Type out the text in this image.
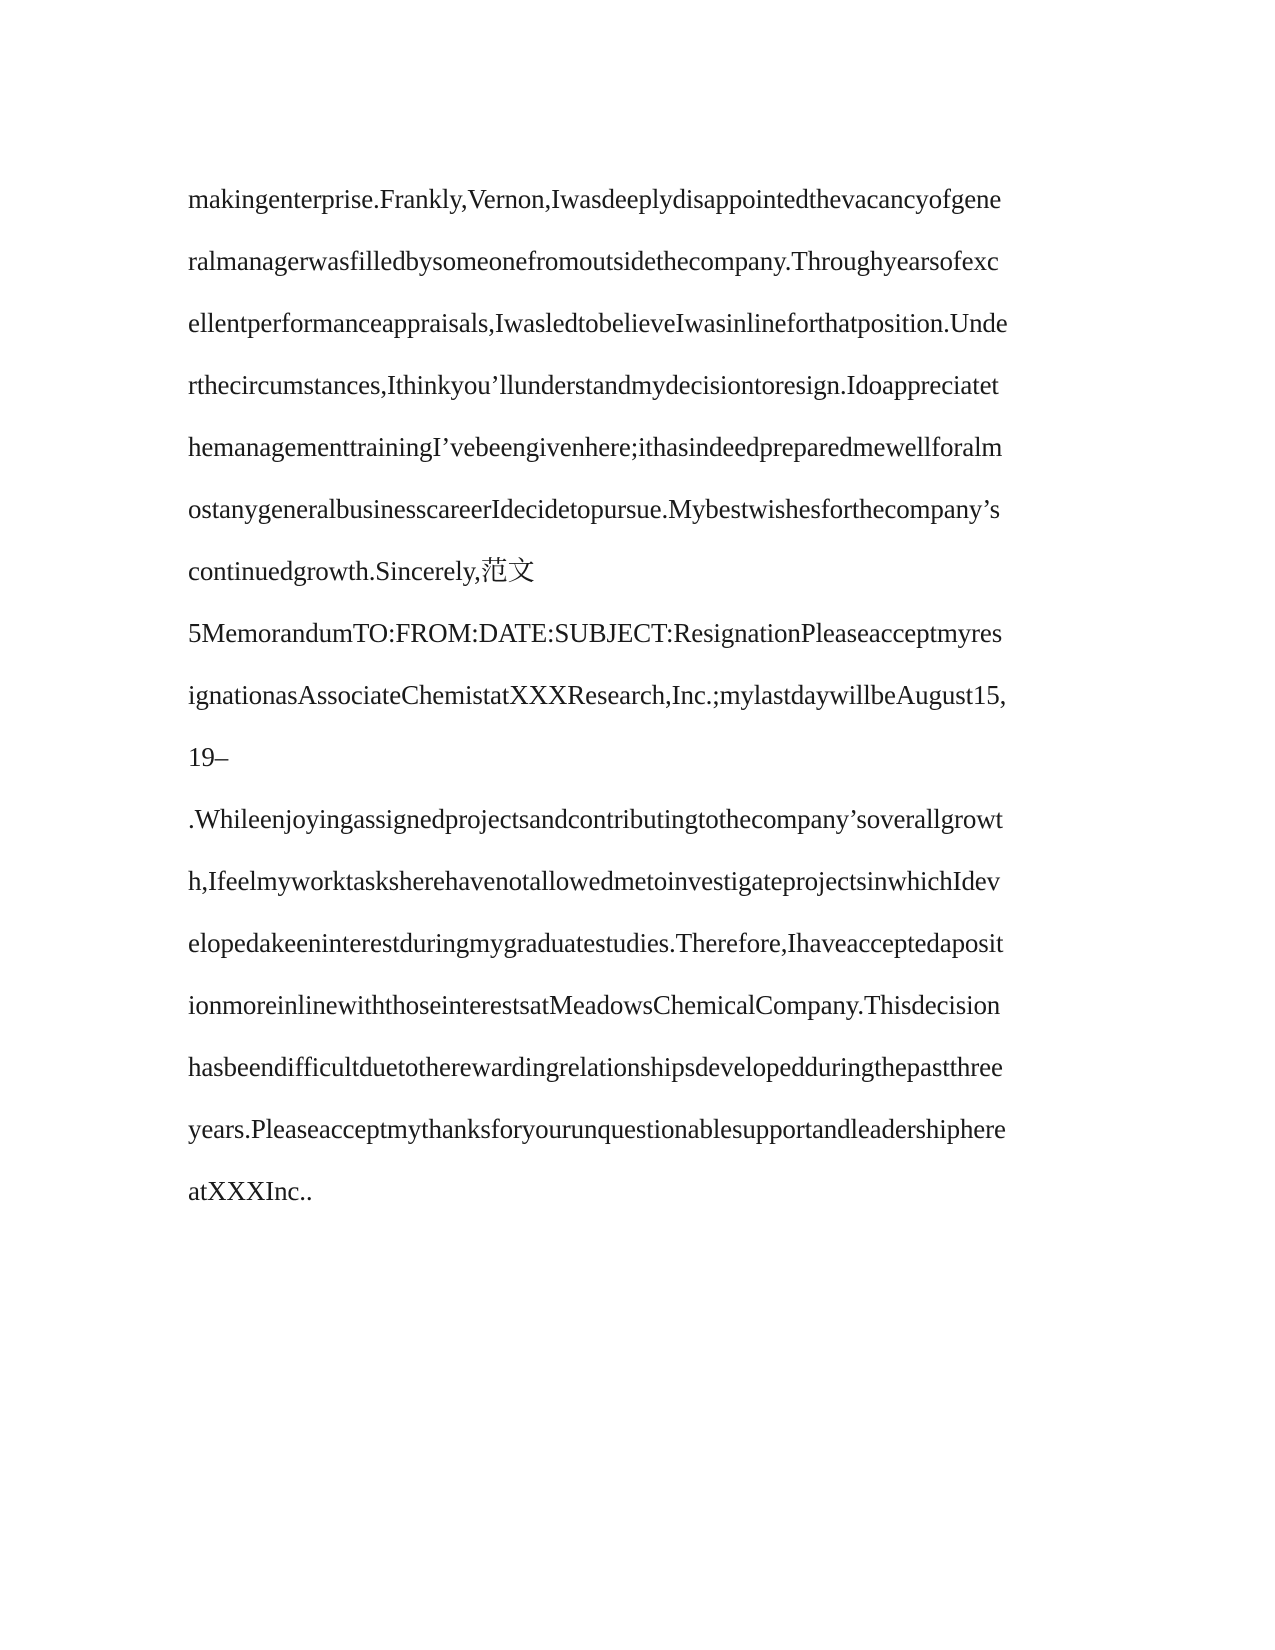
makingenterprise.Frankly,Vernon,Iwasdeeplydisappointedthevacancyofgene
ralmanagerwasfilledbysomeonefromoutsidethecompany.Throughyearsofexc
ellentperformanceappraisals,IwasledtobelieveIwasinlineforthatposition.Unde
rthecircumstances,Ithinkyou’llunderstandmydecisiontoresign.Idoappreciatet
hemanagementtrainingI’vebeengivenhere;ithasindeedpreparedmewellforalm
ostanygeneralbusinesscareerIdecidetopursue.Mybestwishesforthecompany’s
continuedgrowth.Sincerely,范文
5MemorandumTO:FROM:DATE:SUBJECT:ResignationPleaseacceptmyres
ignationasAssociateChemistatXXXResearch,Inc.;mylastdaywillbeAugust15,
19–
.Whileenjoyingassignedprojectsandcontributingtothecompany’soverallgrowt
h,IfeelmyworktasksherehavenotallowedmetoinvestigateprojectsinwhichIdev
elopedakeeninterestduringmygraduatestudies.Therefore,Ihaveacceptedaposit
ionmoreinlinewiththoseinterestsatMeadowsChemicalCompany.Thisdecision
hasbeendifficultduetotherewardingrelationshipsdevelopedduringthepastthree
years.Pleaseacceptmythanksforyourunquestionablesupportandleadershiphere
atXXXInc..
